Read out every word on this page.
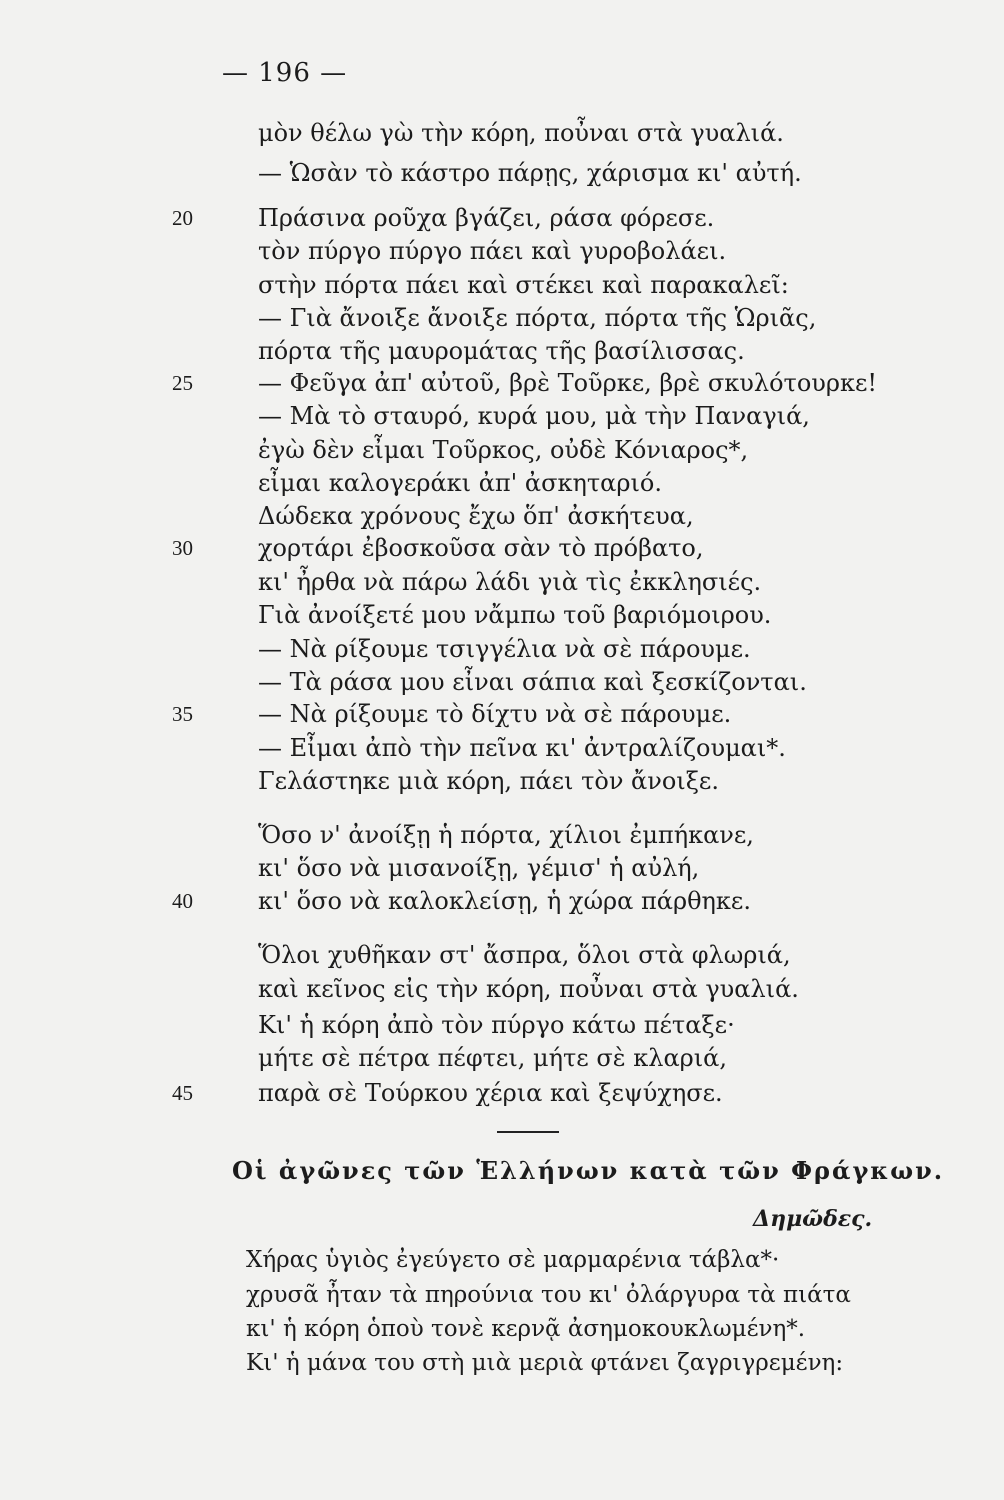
— 196 —
20
25
30
35
40
45
μὸν θέλω γὼ τὴν κόρη, ποὖναι στὰ γυαλιά.
— Ὡσὰν τὸ κάστρο πάρῃς, χάρισμα κι' αὐτή.
Πράσινα ροῦχα βγάζει, ράσα φόρεσε.
τὸν πύργο πύργο πάει καὶ γυροβολάει.
στὴν πόρτα πάει καὶ στέκει καὶ παρακαλεῖ:
— Γιὰ ἄνοιξε ἄνοιξε πόρτα, πόρτα τῆς Ὡριᾶς,
πόρτα τῆς μαυρομάτας τῆς βασίλισσας.
— Φεῦγα ἀπ' αὐτοῦ, βρὲ Τοῦρκε, βρὲ σκυλότουρκε!
— Μὰ τὸ σταυρό, κυρά μου, μὰ τὴν Παναγιά,
ἐγὼ δὲν εἶμαι Τοῦρκος, οὐδὲ Κόνιαρος*,
εἶμαι καλογεράκι ἀπ' ἀσκηταριό.
Δώδεκα χρόνους ἔχω ὅπ' ἀσκήτευα,
χορτάρι ἐβοσκοῦσα σὰν τὸ πρόβατο,
κι' ἦρθα νὰ πάρω λάδι γιὰ τὶς ἐκκλησιές.
Γιὰ ἀνοίξετέ μου νἄμπω τοῦ βαριόμοιρου.
— Νὰ ρίξουμε τσιγγέλια νὰ σὲ πάρουμε.
— Τὰ ράσα μου εἶναι σάπια καὶ ξεσκίζονται.
— Νὰ ρίξουμε τὸ δίχτυ νὰ σὲ πάρουμε.
— Εἶμαι ἀπὸ τὴν πεῖνα κι' ἀντραλίζουμαι*.
Γελάστηκε μιὰ κόρη, πάει τὸν ἄνοιξε.
Ὅσο ν' ἀνοίξῃ ἡ πόρτα, χίλιοι ἐμπήκανε,
κι' ὅσο νὰ μισανοίξῃ, γέμισ' ἡ αὐλή,
κι' ὅσο νὰ καλοκλείσῃ, ἡ χώρα πάρθηκε.
Ὅλοι χυθῆκαν στ' ἄσπρα, ὅλοι στὰ φλωριά,
καὶ κεῖνος εἰς τὴν κόρη, ποὖναι στὰ γυαλιά.
Κι' ἡ κόρη ἀπὸ τὸν πύργο κάτω πέταξε·
μήτε σὲ πέτρα πέφτει, μήτε σὲ κλαριά,
παρὰ σὲ Τούρκου χέρια καὶ ξεψύχησε.
Οἱ ἀγῶνες τῶν Ἑλλήνων κατὰ τῶν Φράγκων.
Δημῶδες.
Χήρας ὑγιὸς ἐγεύγετο σὲ μαρμαρένια τάβλα*·
χρυσᾶ ἦταν τὰ πηρούνια του κι' ὀλάργυρα τὰ πιάτα
κι' ἡ κόρη ὁποὺ τονὲ κερνᾷ ἀσημοκουκλωμένη*.
Κι' ἡ μάνα του στὴ μιὰ μεριὰ φτάνει ζαγριγρεμένη:
